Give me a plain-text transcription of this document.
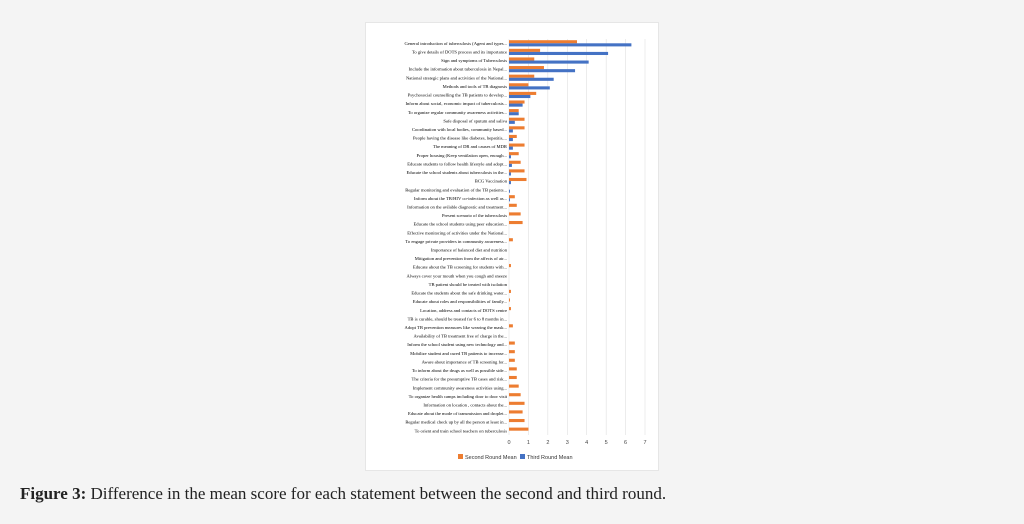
General introduction of tuberculosis (Agent and types...
To give details of DOTS process and its importance
Sign and symptoms of Tuberculosis
Include the information about tuberculosis in Nepal...
National strategic plans and activities of the National...
Methods and tools of TB diagnosis
Psychosocial counselling the TB patients to develop...
Inform about social, economic impact of tuberculosis...
To organize regular community awareness activities...
Safe disposal of sputum and saliva
Coordination with local bodies, community based...
People having the disease like diabetes, hepatitis,...
The meaning of DR and causes of MDR
Proper housing (Keep ventilation open, enough...
Educate students to follow health lifestyle and adopt...
Educate the school students about tuberculosis in the...
BCG Vaccination
Regular monitoring and evaluation of the TB patients...
Inform about the TB/HIV co-infection as well as...
Information on the avilable diagnostic and treatment...
Present scenario of the tuberculosis
Educate the school students using peer education...
Effective monitoring of activities under the National...
To engage private providers in community awareness...
Importance of balanced diet and nutrition
Mitigation and prevention from the affects of air...
Educate about the TB screening for students with...
Always cover your mouth when you cough and sneeze
TB patient should be treated with isolation
Educate the students about the safe drinking water...
Educate about roles and responsibilities of family...
Location, address and contacts of DOTS centre
TB is curable, should be treated for 6 to 8 months in...
Adopt TB prevention measures like wearing the mask...
Availability of TB treatment free of charge in the...
Inform the school student using new technology and...
Mobilize student and cured TB patients to increase...
Aware about importance of TB screening for...
To inform about the drugs as well as possible side...
The criteria for the presumptive TB cases and risk...
Implement community awareness activities using...
To organize health camps including door to door visit
Information on location , contacts about the...
Educate about the mode of transmission and droplet...
Regular medical check up by all the person at least in...
To orient and train school teachers on tuberculosis
0	1	2	3	4	5	6	7
Second Round Mean Third Round Mean
Figure 3: Difference in the mean score for each statement between the second and third round.
